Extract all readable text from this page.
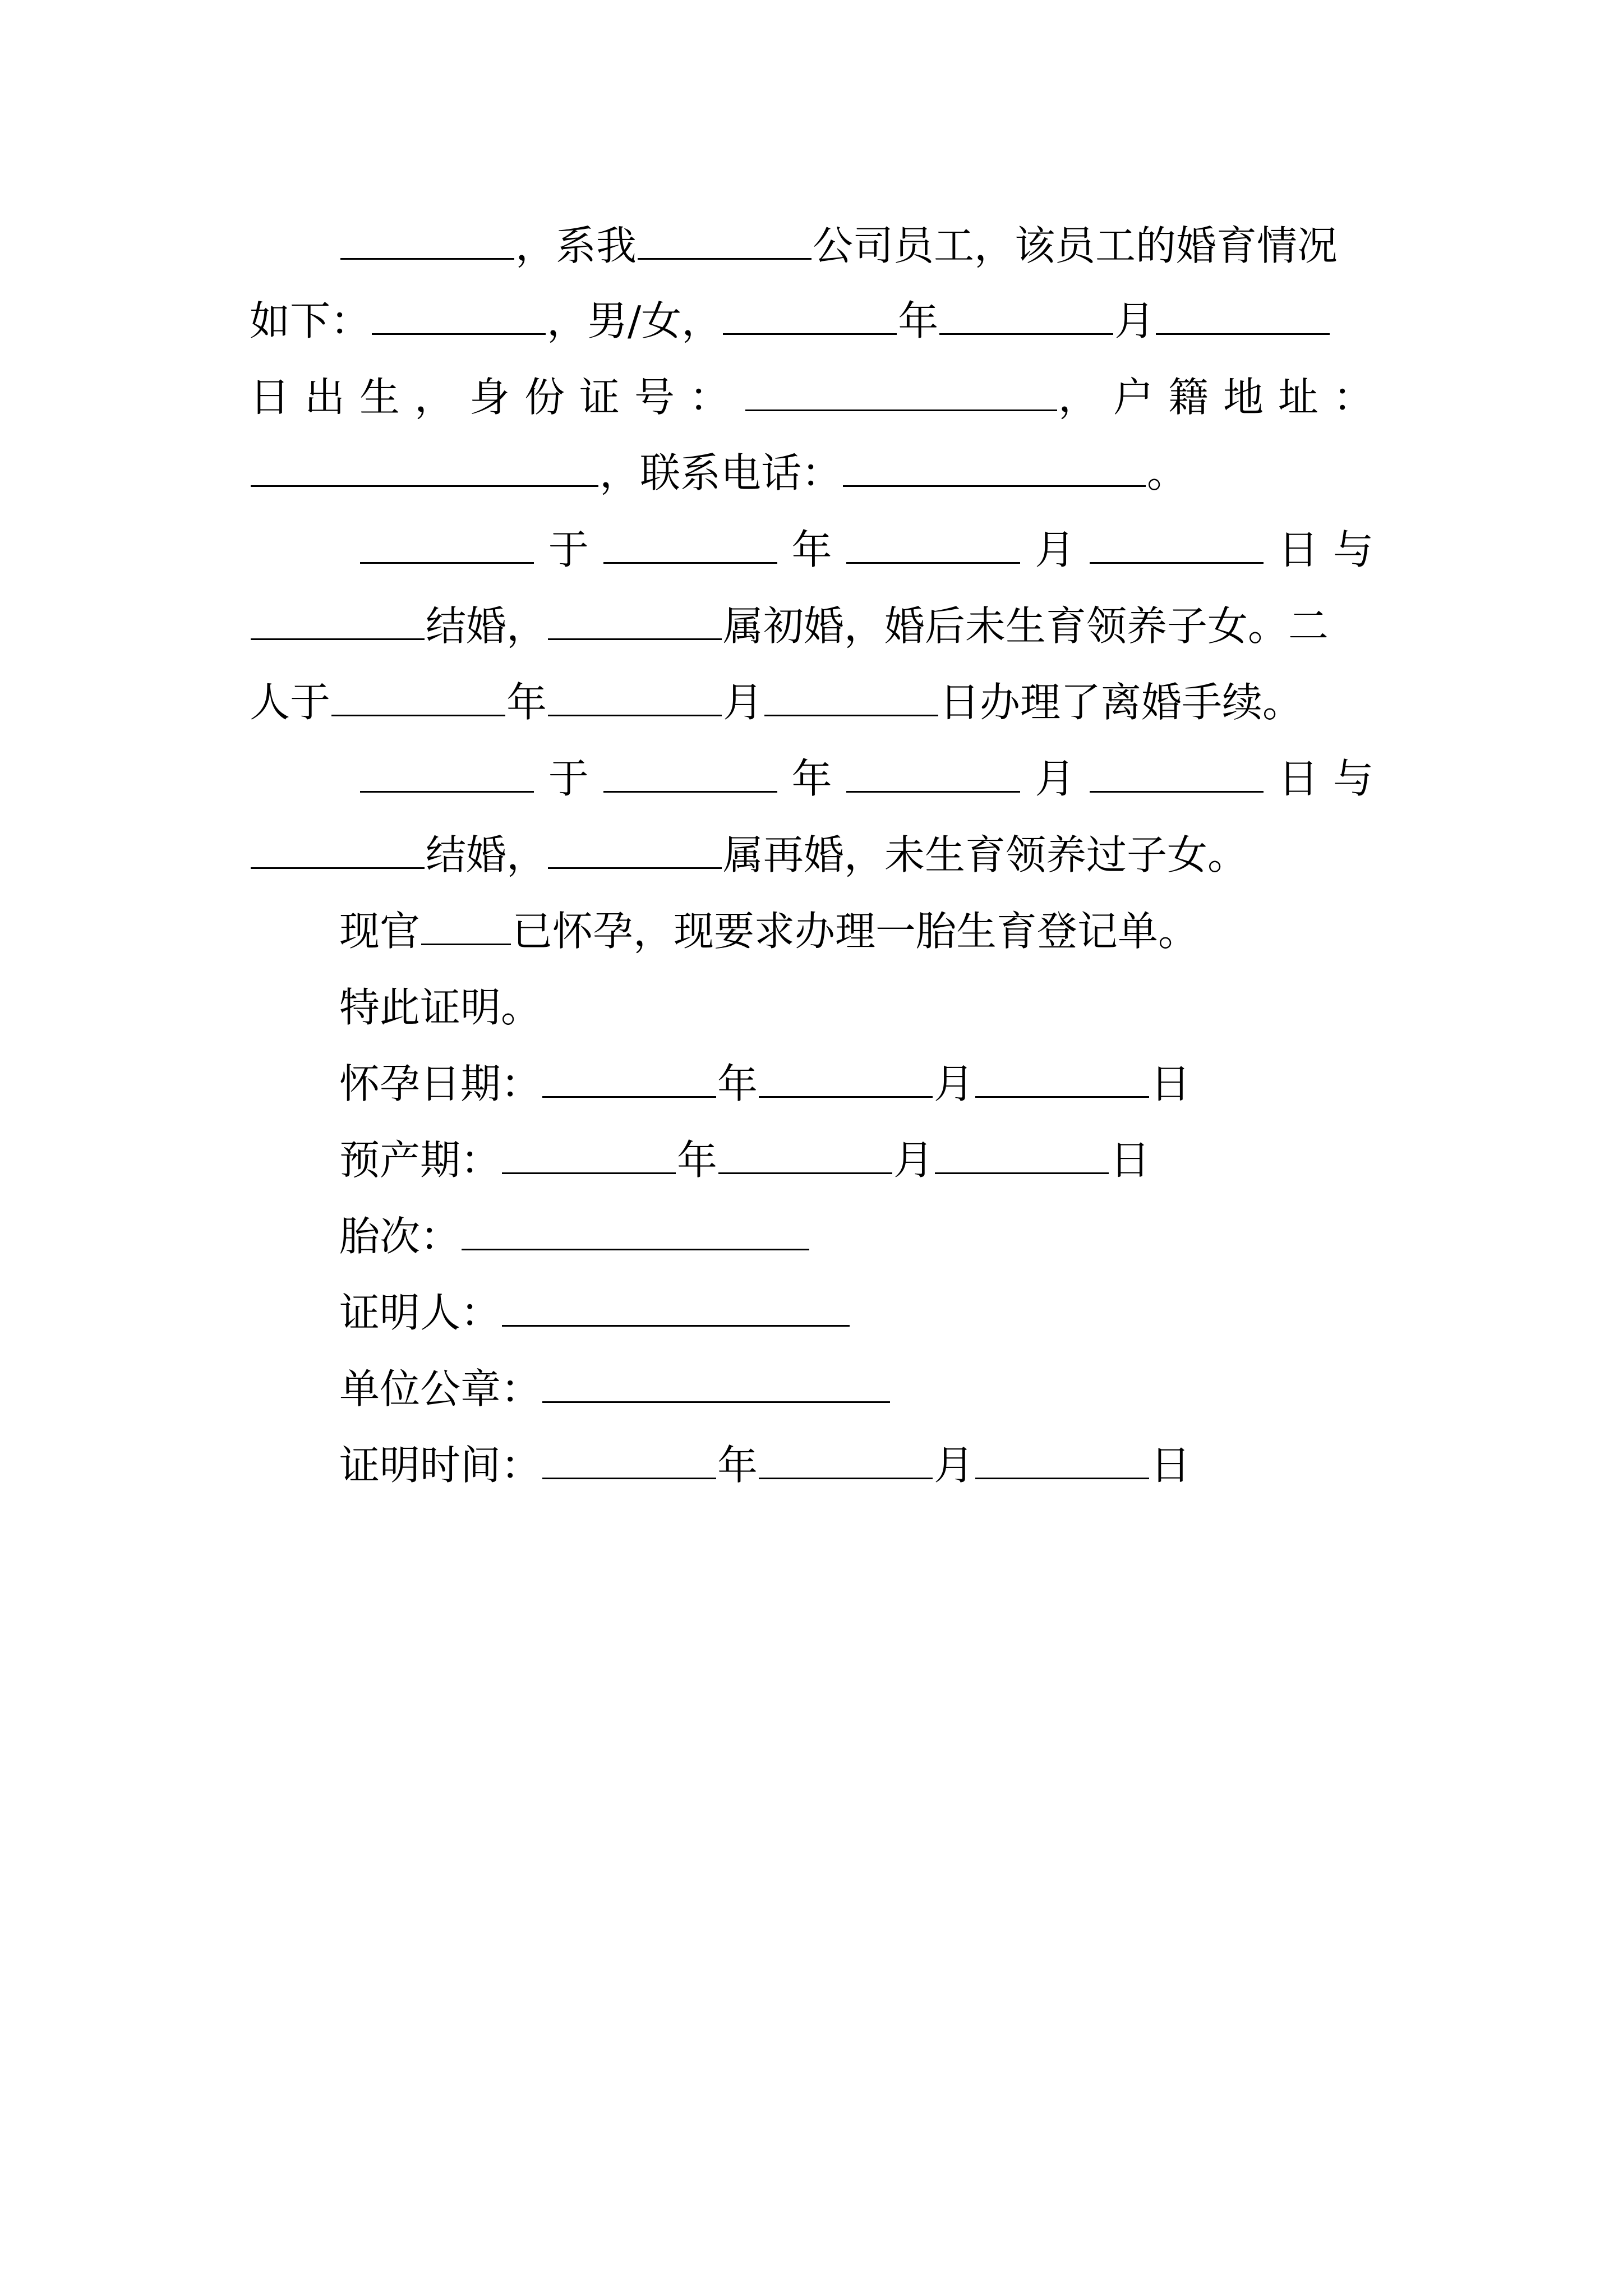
，系我	公司员工，该员工的婚育情况
如下：	，男/女，	年	月
日出生，身份证号：	，户籍地址：
，联系电话：	。
于	年	月	日与
结婚，	属初婚，婚后未生育领养子女。二
人于	年	月	日办理了离婚手续。
于	年	月	日与
结婚，	属再婚，未生育领养过子女。
现官 已怀孕，现要求办理一胎生育登记单。
特此证明。
怀孕日期：	年	月	日
预产期：	年	月	日
胎次：
证明人：
单位公章：
证明时间：	年	月	日
